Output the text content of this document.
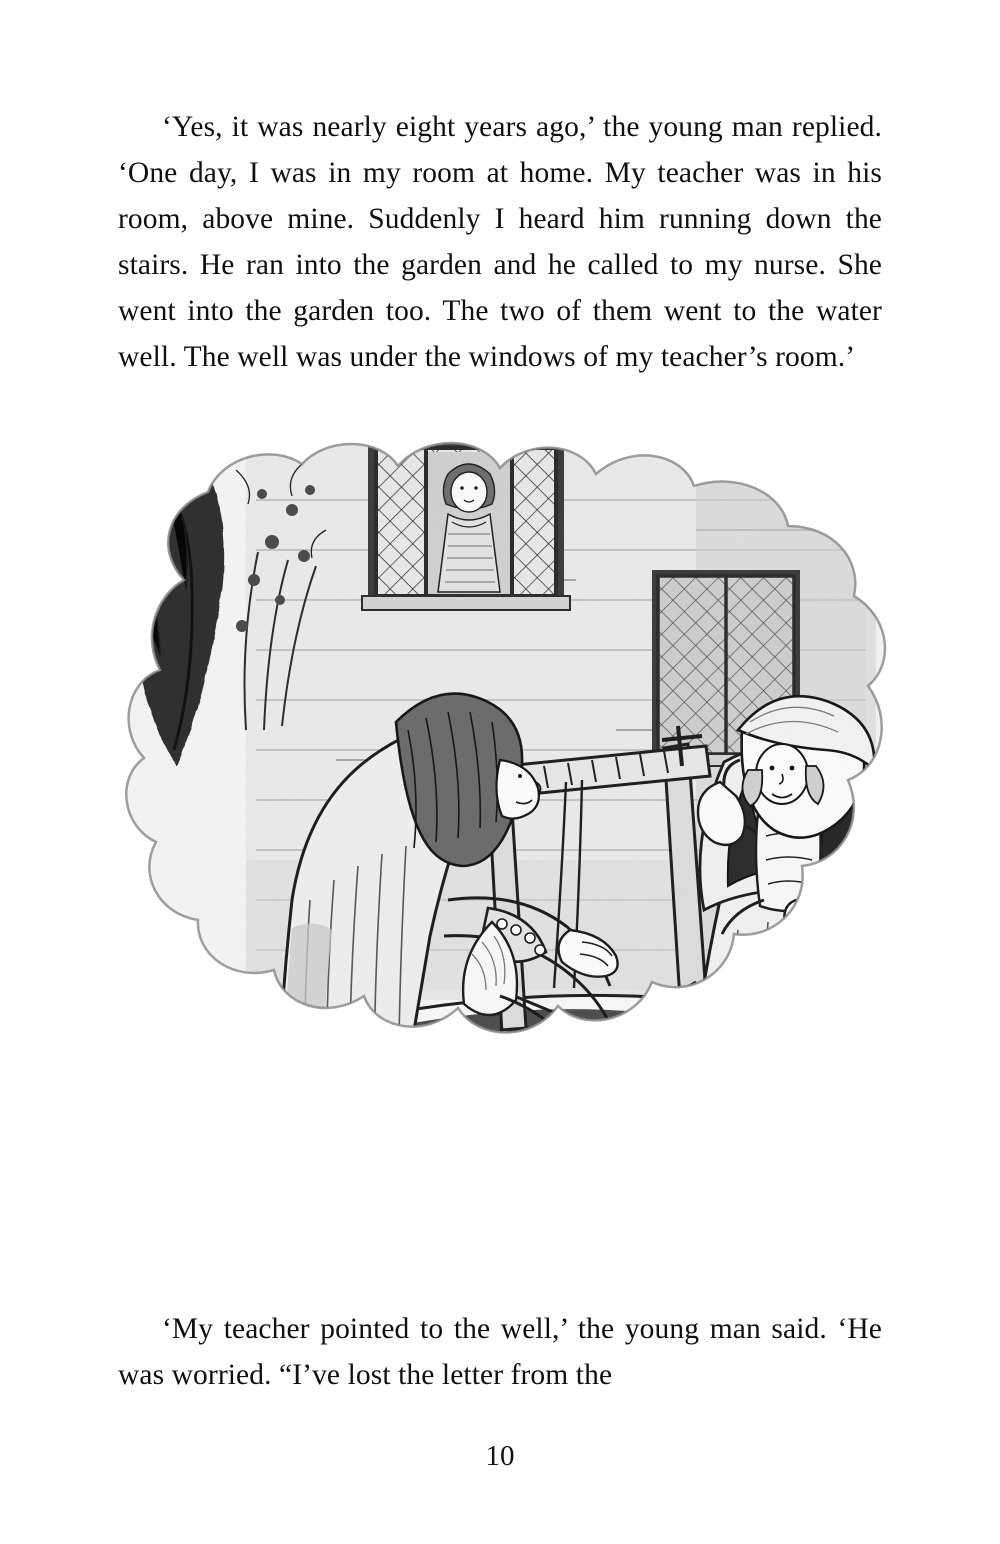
‘Yes, it was nearly eight years ago,’ the young man replied. ‘One day, I was in my room at home. My teacher was in his room, above mine. Suddenly I heard him running down the stairs. He ran into the garden and he called to my nurse. She went into the garden too. The two of them went to the water well. The well was under the windows of my teacher’s room.’

‘My teacher pointed to the well,’ the young man said. ‘He was worried. “I’ve lost the letter from the

10
